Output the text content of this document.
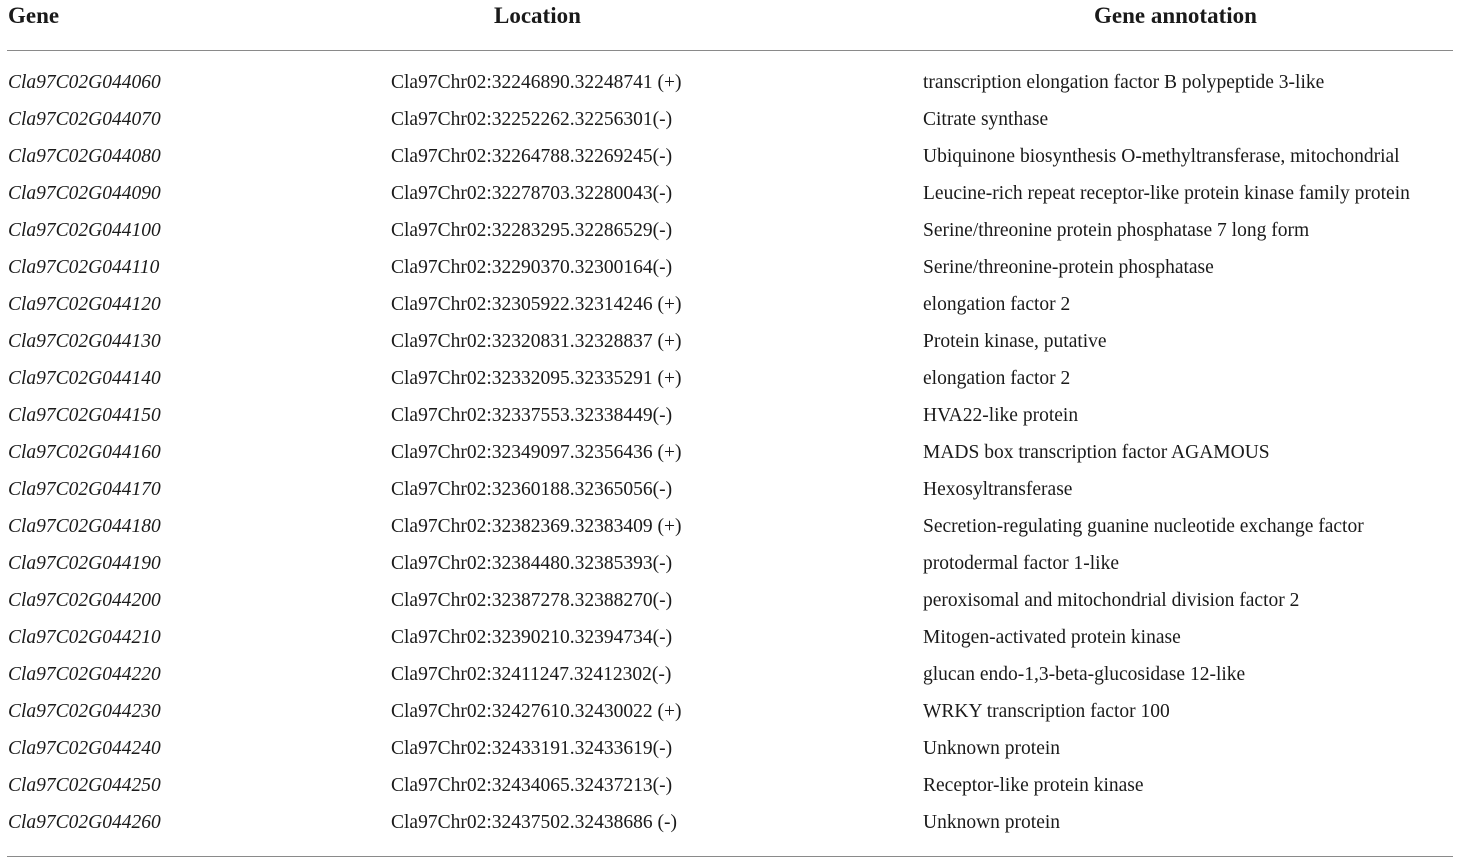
Gene	Location	Gene annotation
Cla97C02G044060	Cla97Chr02:32246890.32248741 (+)	transcription elongation factor B polypeptide 3-like
Cla97C02G044070	Cla97Chr02:32252262.32256301(-)	Citrate synthase
Cla97C02G044080	Cla97Chr02:32264788.32269245(-)	Ubiquinone biosynthesis O-methyltransferase, mitochondrial
Cla97C02G044090	Cla97Chr02:32278703.32280043(-)	Leucine-rich repeat receptor-like protein kinase family protein
Cla97C02G044100	Cla97Chr02:32283295.32286529(-)	Serine/threonine protein phosphatase 7 long form
Cla97C02G044110	Cla97Chr02:32290370.32300164(-)	Serine/threonine-protein phosphatase
Cla97C02G044120	Cla97Chr02:32305922.32314246 (+)	elongation factor 2
Cla97C02G044130	Cla97Chr02:32320831.32328837 (+)	Protein kinase, putative
Cla97C02G044140	Cla97Chr02:32332095.32335291 (+)	elongation factor 2
Cla97C02G044150	Cla97Chr02:32337553.32338449(-)	HVA22-like protein
Cla97C02G044160	Cla97Chr02:32349097.32356436 (+)	MADS box transcription factor AGAMOUS
Cla97C02G044170	Cla97Chr02:32360188.32365056(-)	Hexosyltransferase
Cla97C02G044180	Cla97Chr02:32382369.32383409 (+)	Secretion-regulating guanine nucleotide exchange factor
Cla97C02G044190	Cla97Chr02:32384480.32385393(-)	protodermal factor 1-like
Cla97C02G044200	Cla97Chr02:32387278.32388270(-)	peroxisomal and mitochondrial division factor 2
Cla97C02G044210	Cla97Chr02:32390210.32394734(-)	Mitogen-activated protein kinase
Cla97C02G044220	Cla97Chr02:32411247.32412302(-)	glucan endo-1,3-beta-glucosidase 12-like
Cla97C02G044230	Cla97Chr02:32427610.32430022 (+)	WRKY transcription factor 100
Cla97C02G044240	Cla97Chr02:32433191.32433619(-)	Unknown protein
Cla97C02G044250	Cla97Chr02:32434065.32437213(-)	Receptor-like protein kinase
Cla97C02G044260	Cla97Chr02:32437502.32438686 (-)	Unknown protein
